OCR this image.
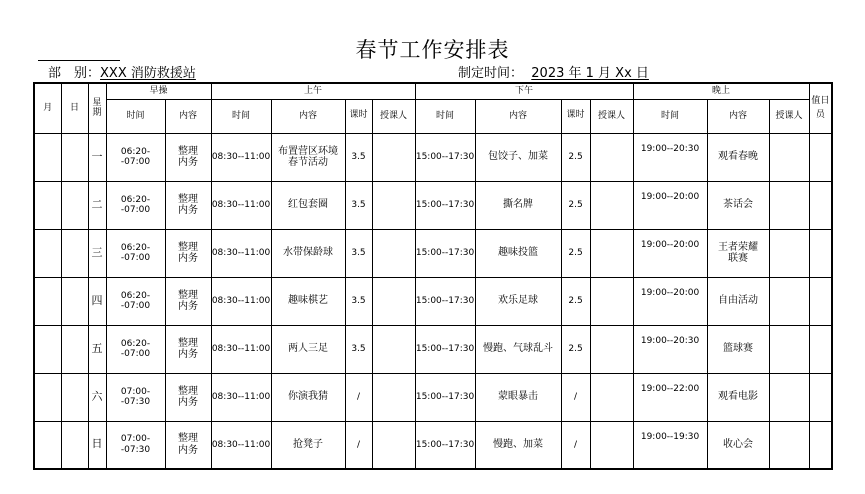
春节工作安排表
部　别：XXX 消防救援站	制定时间： 2023 年 1 月 Xx 日
月	日	星期	早操		上午				下午				晚上			值日员
			时间	内容	时间	内容	课时	授课人	时间	内容	课时	授课人	时间	内容	授课人	
		一	06:20--07:00	整理内务	08:30--11:00	布置营区环境春节活动	3.5		15:00--17:30	包饺子、加菜	2.5		19:00--20:30	观看春晚		
		二	06:20--07:00	整理内务	08:30--11:00	红包套圈	3.5		15:00--17:30	撕名牌	2.5		19:00--20:00	茶话会		
		三	06:20--07:00	整理内务	08:30--11:00	水带保龄球	3.5		15:00--17:30	趣味投篮	2.5		19:00--20:00	王者荣耀联赛		
		四	06:20--07:00	整理内务	08:30--11:00	趣味棋艺	3.5		15:00--17:30	欢乐足球	2.5		19:00--20:00	自由活动		
		五	06:20--07:00	整理内务	08:30--11:00	两人三足	3.5		15:00--17:30	慢跑、气球乱斗	2.5		19:00--20:30	篮球赛		
		六	07:00--07:30	整理内务	08:30--11:00	你演我猜	/		15:00--17:30	蒙眼暴击	/		19:00--22:00	观看电影		
		日	07:00--07:30	整理内务	08:30--11:00	抢凳子	/		15:00--17:30	慢跑、加菜	/		19:00--19:30	收心会		
